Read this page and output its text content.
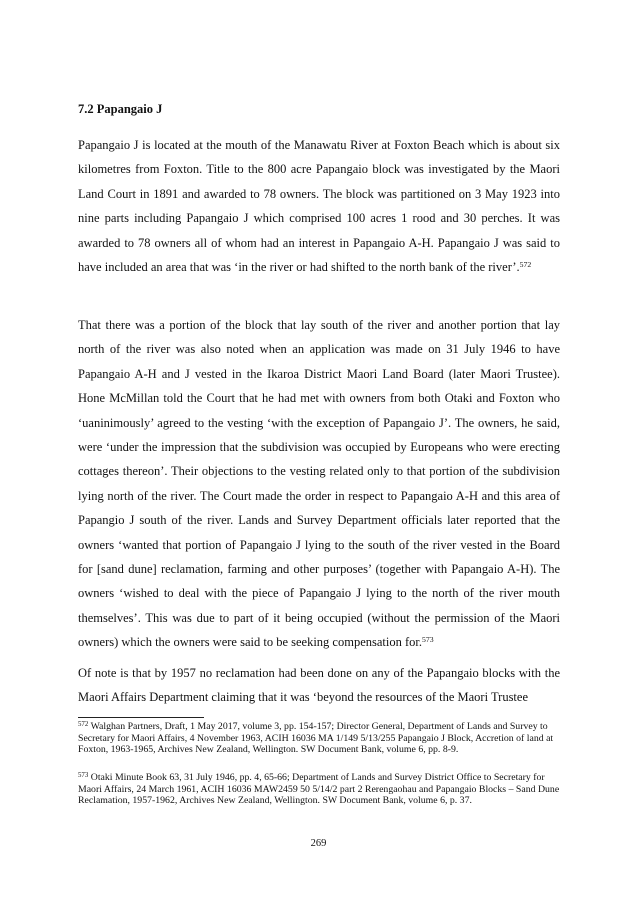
7.2 Papangaio J

Papangaio J is located at the mouth of the Manawatu River at Foxton Beach which is about six kilometres from Foxton. Title to the 800 acre Papangaio block was investigated by the Maori Land Court in 1891 and awarded to 78 owners. The block was partitioned on 3 May 1923 into nine parts including Papangaio J which comprised 100 acres 1 rood and 30 perches. It was awarded to 78 owners all of whom had an interest in Papangaio A-H. Papangaio J was said to have included an area that was ‘in the river or had shifted to the north bank of the river’.$^{572}$

That there was a portion of the block that lay south of the river and another portion that lay north of the river was also noted when an application was made on 31 July 1946 to have Papangaio A-H and J vested in the Ikaroa District Maori Land Board (later Maori Trustee). Hone McMillan told the Court that he had met with owners from both Otaki and Foxton who ‘uaninimously’ agreed to the vesting ‘with the exception of Papangaio J’. The owners, he said, were ‘under the impression that the subdivision was occupied by Europeans who were erecting cottages thereon’. Their objections to the vesting related only to that portion of the subdivision lying north of the river. The Court made the order in respect to Papangaio A-H and this area of Papangio J south of the river. Lands and Survey Department officials later reported that the owners ‘wanted that portion of Papangaio J lying to the south of the river vested in the Board for [sand dune] reclamation, farming and other purposes’ (together with Papangaio A-H). The owners ‘wished to deal with the piece of Papangaio J lying to the north of the river mouth themselves’. This was due to part of it being occupied (without the permission of the Maori owners) which the owners were said to be seeking compensation for.$^{573}$

Of note is that by 1957 no reclamation had been done on any of the Papangaio blocks with the Maori Affairs Department claiming that it was ‘beyond the resources of the Maori Trustee

$^{572}$ Walghan Partners, Draft, 1 May 2017, volume 3, pp. 154-157; Director General, Department of Lands and Survey to Secretary for Maori Affairs, 4 November 1963, ACIH 16036 MA 1/149 5/13/255 Papangaio J Block, Accretion of land at Foxton, 1963-1965, Archives New Zealand, Wellington. SW Document Bank, volume 6, pp. 8-9.

$^{573}$ Otaki Minute Book 63, 31 July 1946, pp. 4, 65-66; Department of Lands and Survey District Office to Secretary for Maori Affairs, 24 March 1961, ACIH 16036 MAW2459 50 5/14/2 part 2 Rerengaohau and Papangaio Blocks – Sand Dune Reclamation, 1957-1962, Archives New Zealand, Wellington. SW Document Bank, volume 6, p. 37.

269
